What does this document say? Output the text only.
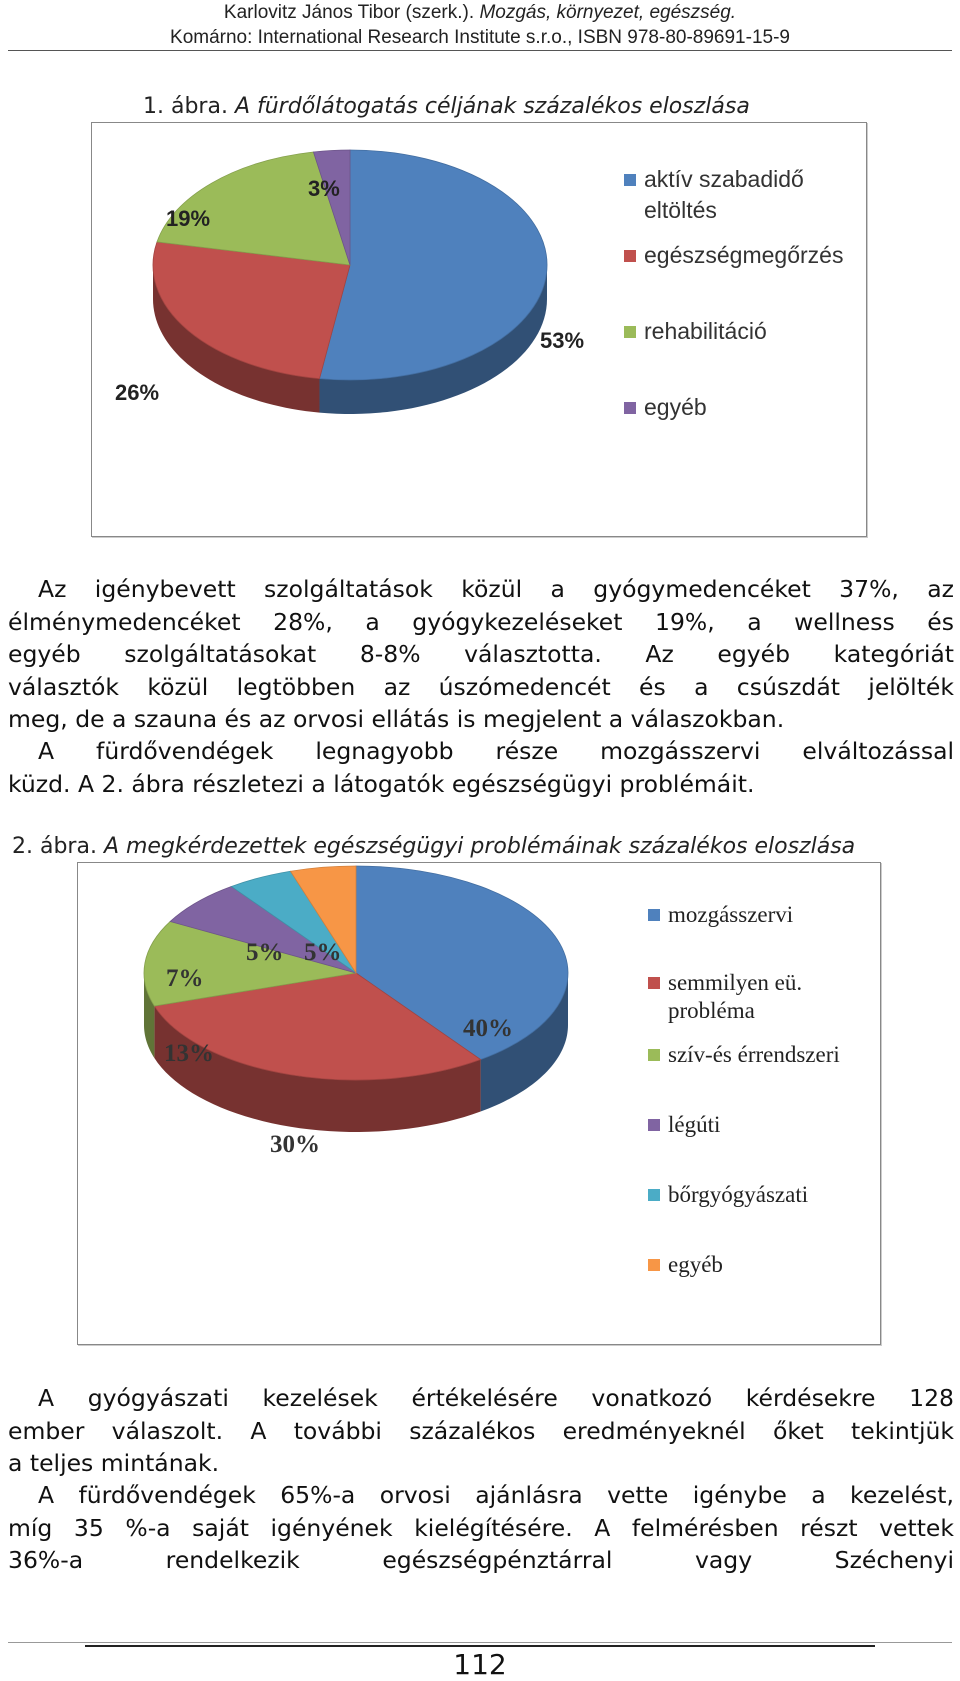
Karlovitz János Tibor (szerk.). Mozgás, környezet, egészség.
Komárno: International Research Institute s.r.o., ISBN 978-80-89691-15-9
1. ábra. A fürdőlátogatás céljának százalékos eloszlása
53%
26%
19%
3%	aktív szabadidő eltöltés
egészségmegőrzés
rehabilitáció
egyéb

Az igénybevett szolgáltatások közül a gyógymedencéket 37%, az

élménymedencéket 28%, a gyógykezeléseket 19%, a wellness és

egyéb szolgáltatásokat 8-8% választotta. Az egyéb kategóriát

választók közül legtöbben az úszómedencét és a csúszdát jelölték

meg, de a szauna és az orvosi ellátás is megjelent a válaszokban.

A fürdővendégek legnagyobb része mozgásszervi elváltozással

küzd. A 2. ábra részletezi a látogatók egészségügyi problémáit.

2. ábra. A megkérdezettek egészségügyi problémáinak százalékos eloszlása
40%
30%
13%
7%
5% 5%
mozgásszervi
semmilyen eü. probléma
szív-és érrendszeri
légúti
bőrgyógyászati
egyéb

A gyógyászati kezelések értékelésére vonatkozó kérdésekre 128

ember válaszolt. A további százalékos eredményeknél őket tekintjük

a teljes mintának.

A fürdővendégek 65%-a orvosi ajánlásra vette igénybe a kezelést,

míg 35 %-a saját igényének kielégítésére. A felmérésben részt vettek

36%-a rendelkezik egészségpénztárral vagy Széchenyi

112
